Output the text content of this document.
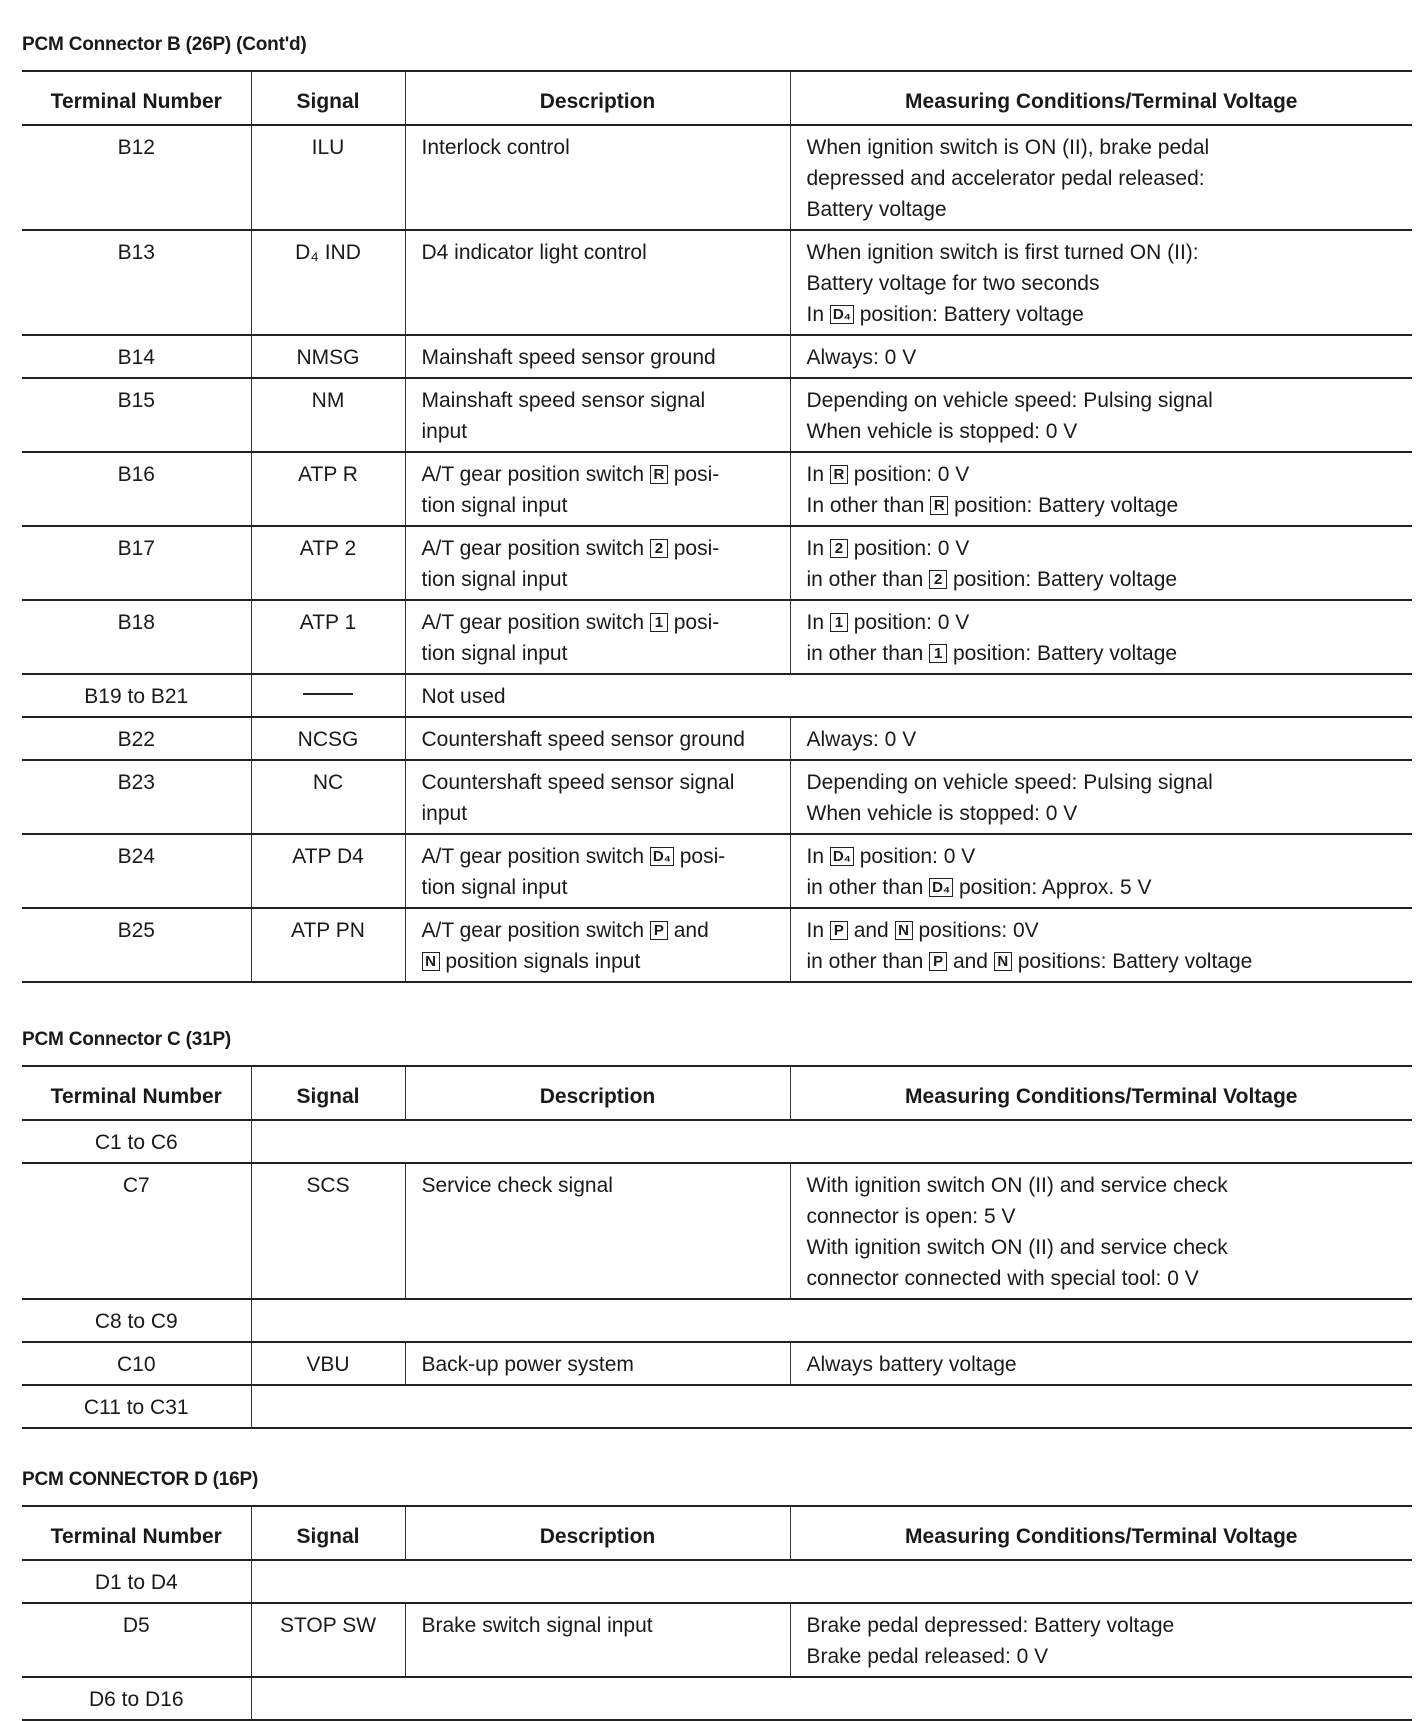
PCM Connector B (26P) (Cont'd)
Terminal Number	Signal	Description	Measuring Conditions/Terminal Voltage
B12	ILU	Interlock control	When ignition switch is ON (II), brake pedal
depressed and accelerator pedal released:
Battery voltage

B13	D₄ IND	D4 indicator light control	When ignition switch is first turned ON (II):
Battery voltage for two seconds
In D₄ position: Battery voltage

B14	NMSG	Mainshaft speed sensor ground	Always: 0 V

B15	NM	Mainshaft speed sensor signal
input	Depending on vehicle speed: Pulsing signal
When vehicle is stopped: 0 V

B16	ATP R	A/T gear position switch R posi-
tion signal input	In R position: 0 V
In other than R position: Battery voltage

B17	ATP 2	A/T gear position switch 2 posi-
tion signal input	In 2 position: 0 V
in other than 2 position: Battery voltage

B18	ATP 1	A/T gear position switch 1 posi-
tion signal input	In 1 position: 0 V
in other than 1 position: Battery voltage

B19 to B21		Not used	

B22	NCSG	Countershaft speed sensor ground	Always: 0 V

B23	NC	Countershaft speed sensor signal
input	Depending on vehicle speed: Pulsing signal
When vehicle is stopped: 0 V

B24	ATP D4	A/T gear position switch D₄ posi-
tion signal input	In D₄ position: 0 V
in other than D₄ position: Approx. 5 V

B25	ATP PN	A/T gear position switch P and
N position signals input	In P and N positions: 0V
in other than P and N positions: Battery voltage
PCM Connector C (31P)
Terminal Number	Signal	Description	Measuring Conditions/Terminal Voltage
C1 to C6			
C7	SCS	Service check signal	With ignition switch ON (II) and service check
connector is open: 5 V
With ignition switch ON (II) and service check
connector connected with special tool: 0 V

C8 to C9			
C10	VBU	Back-up power system	Always battery voltage

C11 to C31			
PCM CONNECTOR D (16P)
Terminal Number	Signal	Description	Measuring Conditions/Terminal Voltage
D1 to D4			
D5	STOP SW	Brake switch signal input	Brake pedal depressed: Battery voltage
Brake pedal released: 0 V

D6 to D16			
